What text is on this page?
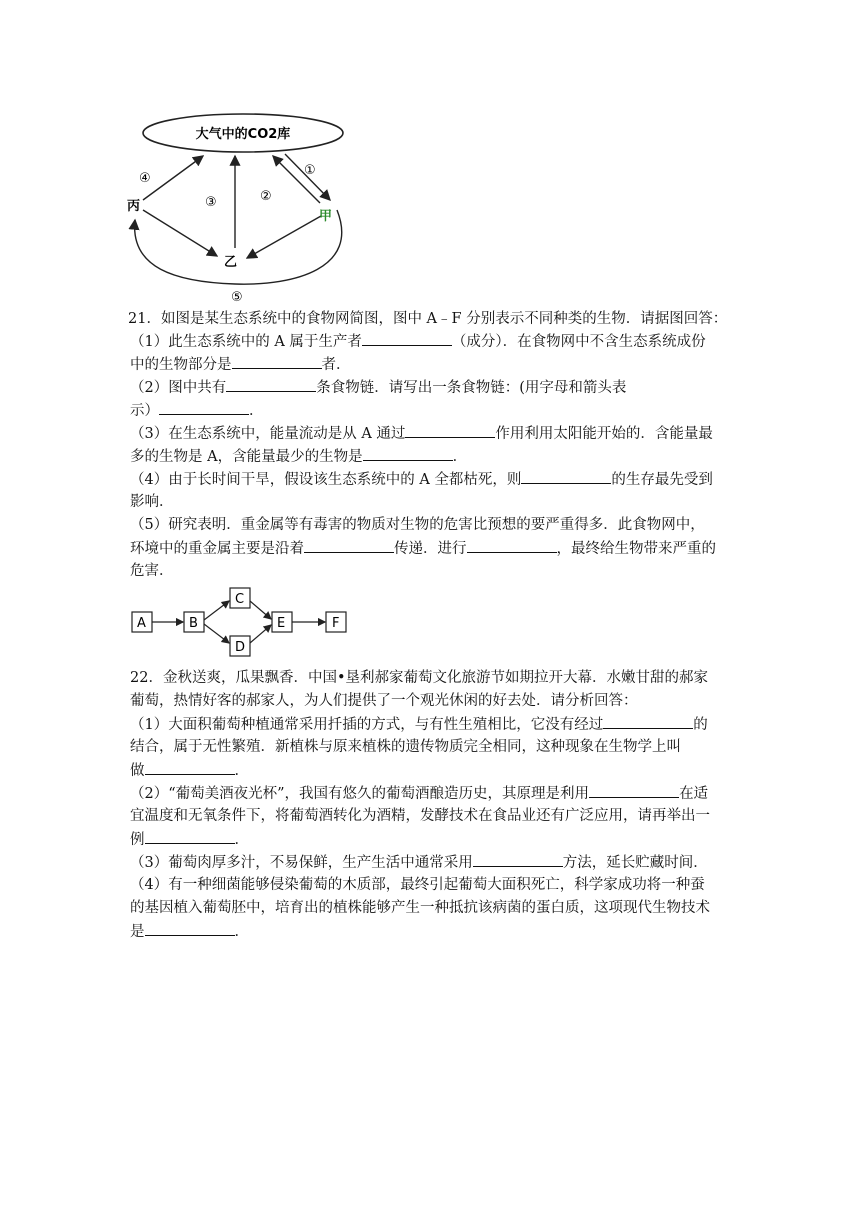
大气中的CO2库
丙
乙
甲
④
③	②
①
⑤
21．如图是某生态系统中的食物网简图，图中 A﹣F 分别表示不同种类的生物．请据图回答：
（1）此生态系统中的 A 属于生产者	（成分）．在食物网中不含生态系统成份
中的生物部分是	者．
（2）图中共有	条食物链．请写出一条食物链：(用字母和箭头表
示）	．
（3）在生态系统中，能量流动是从 A 通过	作用利用太阳能开始的．含能量最
多的生物是 A，含能量最少的生物是	．
（4）由于长时间干旱，假设该生态系统中的 A 全都枯死，则	的生存最先受到
影响．
（5）研究表明．重金属等有毒害的物质对生物的危害比预想的要严重得多．此食物网中，
环境中的重金属主要是沿着	传递．进行	，最终给生物带来严重的
危害．
A	B
C
D
E	F
22．金秋送爽，瓜果飘香．中国•垦利郝家葡萄文化旅游节如期拉开大幕．水嫩甘甜的郝家
葡萄，热情好客的郝家人，为人们提供了一个观光休闲的好去处．请分析回答：
（1）大面积葡萄种植通常采用扦插的方式，与有性生殖相比，它没有经过	的
结合，属于无性繁殖．新植株与原来植株的遗传物质完全相同，这种现象在生物学上叫
做	．
（2）“葡萄美酒夜光杯”，我国有悠久的葡萄酒酿造历史，其原理是利用	在适
宜温度和无氧条件下，将葡萄酒转化为酒精，发酵技术在食品业还有广泛应用，请再举出一
例	．
（3）葡萄肉厚多汁，不易保鲜，生产生活中通常采用	方法，延长贮藏时间．
（4）有一种细菌能够侵染葡萄的木质部，最终引起葡萄大面积死亡，科学家成功将一种蚕
的基因植入葡萄胚中，培育出的植株能够产生一种抵抗该病菌的蛋白质，这项现代生物技术
是	．
